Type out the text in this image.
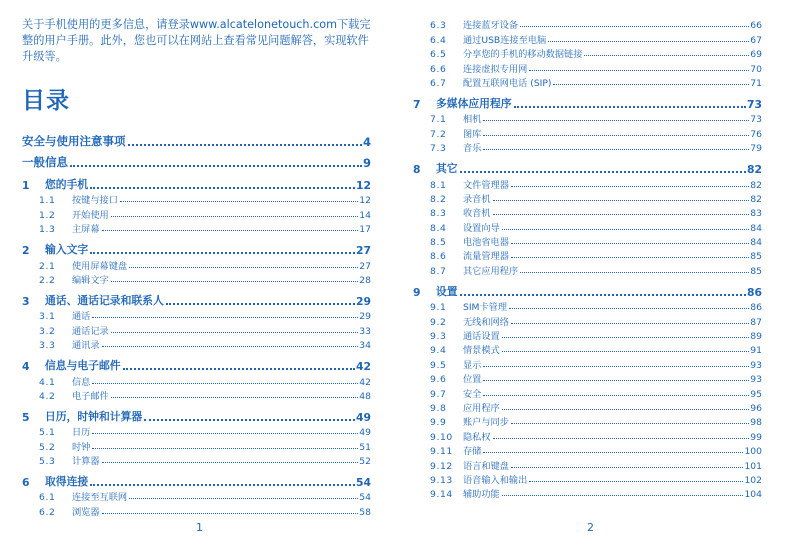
关于手机使用的更多信息，请登录www.alcatelonetouch.com下载完整的用户手册。此外，您也可以在网站上查看常见问题解答，实现软件升级等。
目录
安全与使用注意事项	4
一般信息	9
1	您的手机	12
1.1	按键与接口	12
1.2	开始使用	14
1.3	主屏幕	17
2	输入文字	27
2.1	使用屏幕键盘	27
2.2	编辑文字	28
3	通话、通话记录和联系人	29
3.1	通话	29
3.2	通话记录	33
3.3	通讯录	34
4	信息与电子邮件	42
4.1	信息	42
4.2	电子邮件	48
5	日历，时钟和计算器	49
5.1	日历	49
5.2	时钟	51
5.3	计算器	52
6	取得连接	54
6.1	连接至互联网	54
6.2	浏览器	58
1
6.3	连接蓝牙设备	66
6.4	通过USB连接至电脑	67
6.5	分享您的手机的移动数据链接	69
6.6	连接虚拟专用网	70
6.7	配置互联网电话 (SIP)	71
7	多媒体应用程序	73
7.1	相机	73
7.2	图库	76
7.3	音乐	79
8	其它	82
8.1	文件管理器	82
8.2	录音机	82
8.3	收音机	83
8.4	设置向导	84
8.5	电池省电器	84
8.6	流量管理器	85
8.7	其它应用程序	85
9	设置	86
9.1	SIM卡管理	86
9.2	无线和网络	87
9.3	通话设置	89
9.4	情景模式	91
9.5	显示	93
9.6	位置	93
9.7	安全	95
9.8	应用程序	96
9.9	账户与同步	98
9.10	隐私权	99
9.11	存储	100
9.12	语言和键盘	101
9.13	语音输入和输出	102
9.14	辅助功能	104
2
